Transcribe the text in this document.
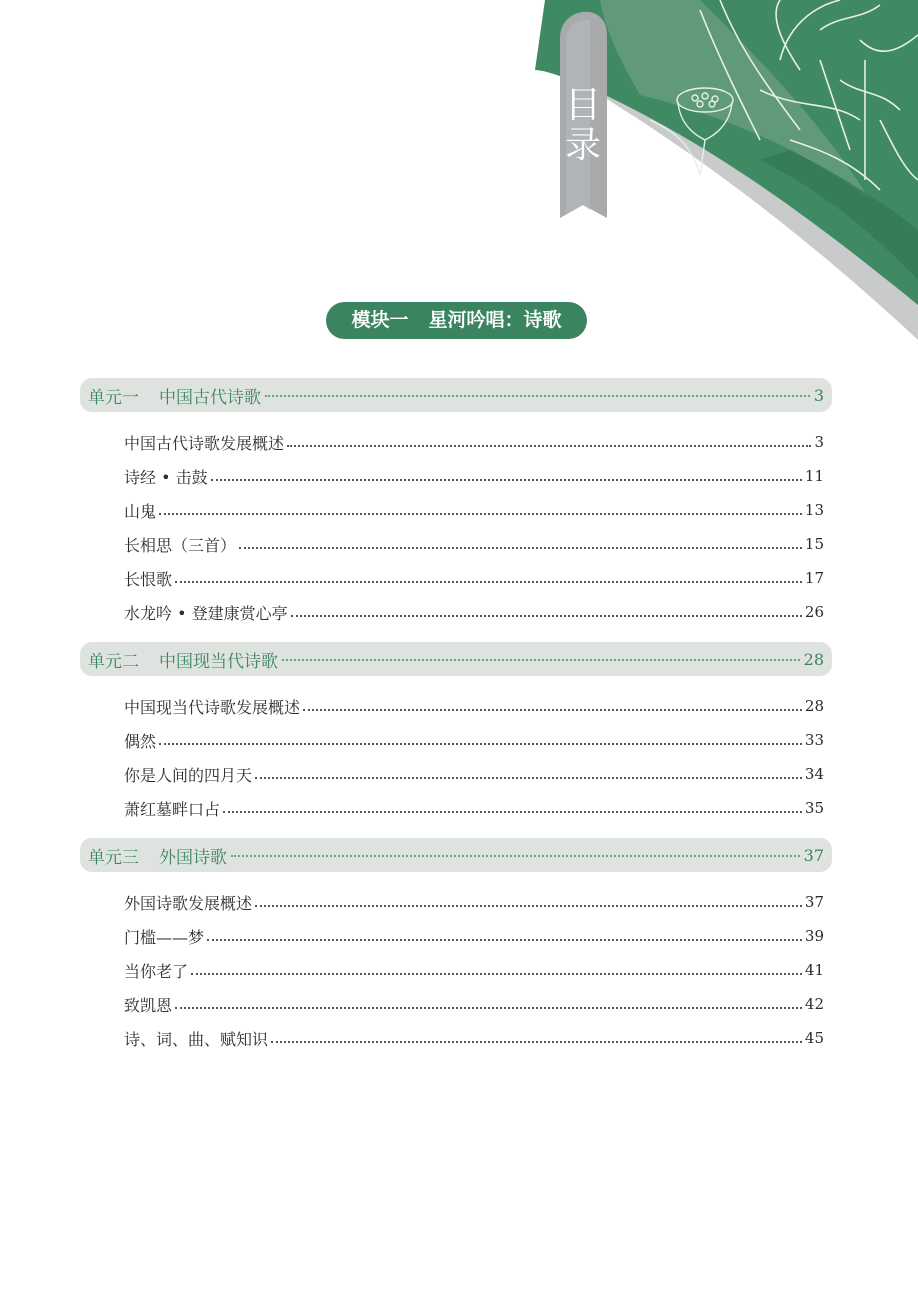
目
录
模块一 星河吟唱：诗歌
单元一 中国古代诗歌	3
中国古代诗歌发展概述	3
诗经 • 击鼓	11
山鬼	13
长相思（三首）	15
长恨歌	17
水龙吟 • 登建康赏心亭	26
单元二 中国现当代诗歌	28
中国现当代诗歌发展概述	28
偶然	33
你是人间的四月天	34
萧红墓畔口占	35
单元三 外国诗歌	37
外国诗歌发展概述	37
门槛——梦	39
当你老了	41
致凯恩	42
诗、词、曲、赋知识	45
